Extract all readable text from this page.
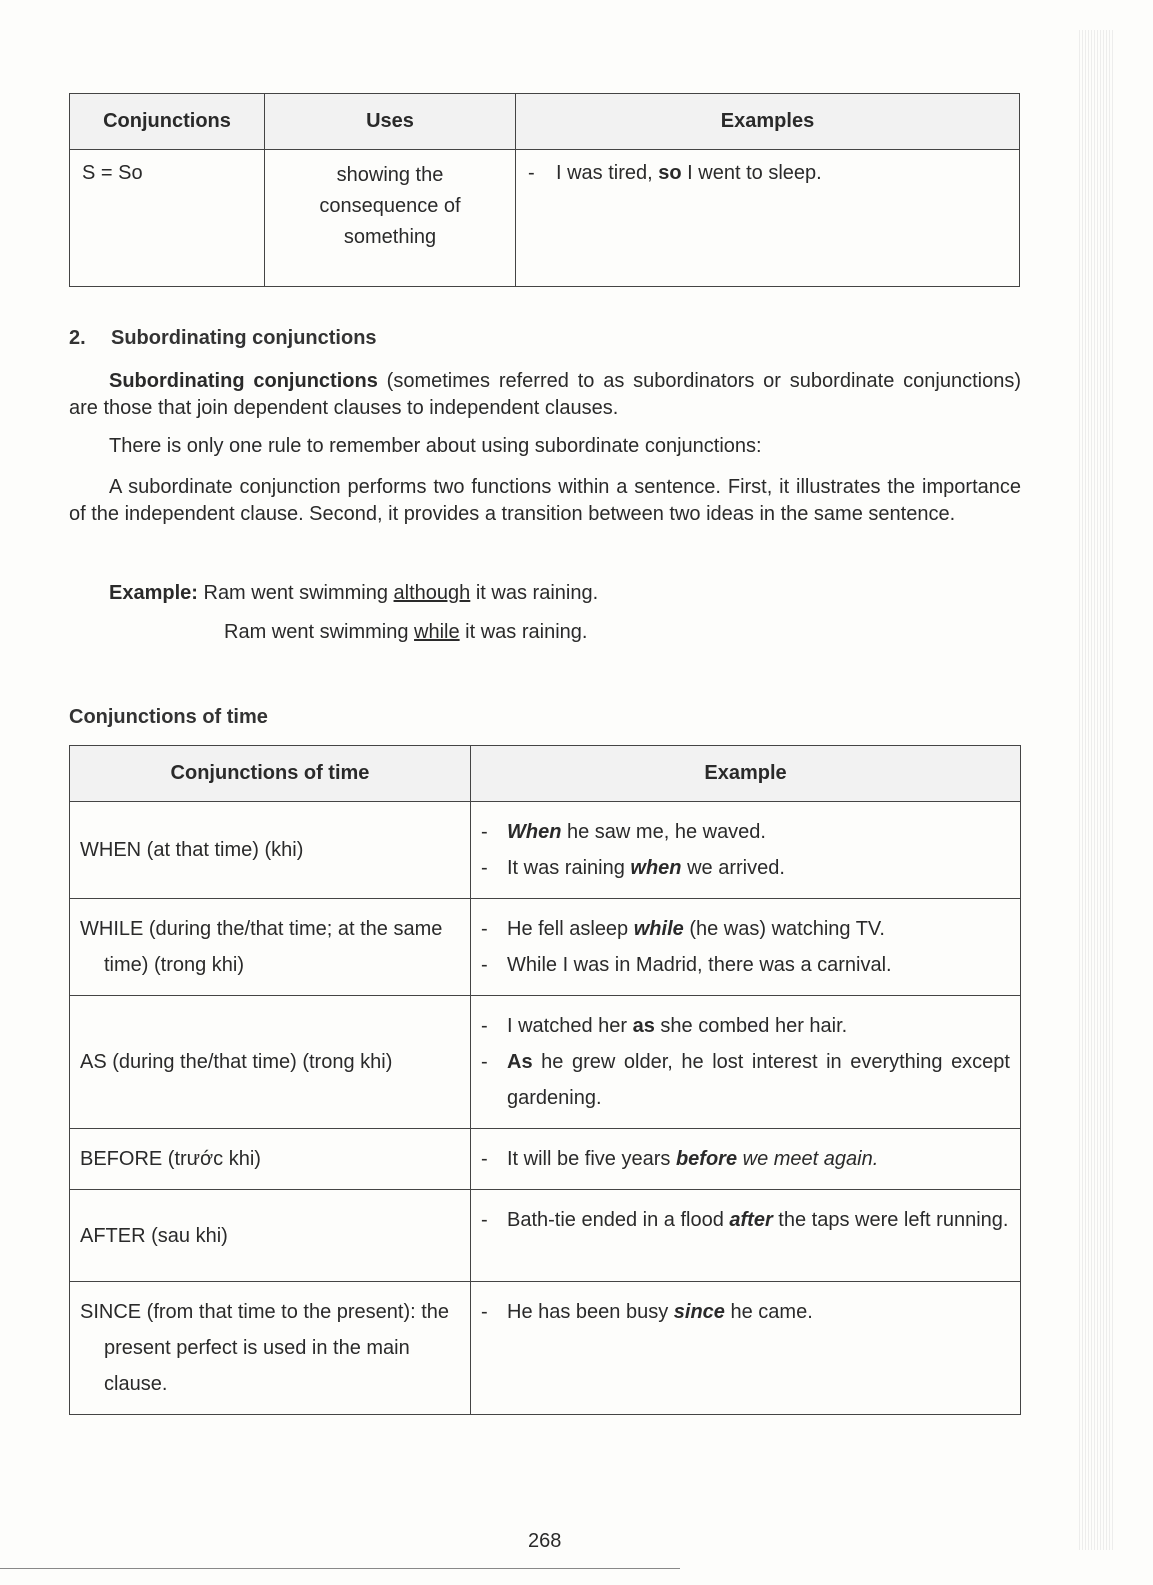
Conjunctions	Uses	Examples
S = So	showing the consequence of something	- I was tired, so I went to sleep.
2. Subordinating conjunctions
Subordinating conjunctions (sometimes referred to as subordinators or subordinate conjunctions) are those that join dependent clauses to independent clauses.
There is only one rule to remember about using subordinate conjunctions:
A subordinate conjunction performs two functions within a sentence. First, it illustrates the importance of the independent clause. Second, it provides a transition between two ideas in the same sentence.
Example: Ram went swimming although it was raining.
Ram went swimming while it was raining.
Conjunctions of time
Conjunctions of time	Example
WHEN (at that time) (khi)	- When he saw me, he waved.
- It was raining when we arrived.

WHILE (during the/that time; at the same time) (trong khi)	- He fell asleep while (he was) watching TV.
- While I was in Madrid, there was a carnival.

AS (during the/that time) (trong khi)	- I watched her as she combed her hair.
- As he grew older, he lost interest in everything except gardening.

BEFORE (trước khi)	- It will be five years before we meet again.

AFTER (sau khi)	- Bath-tie ended in a flood after the taps were left running.

SINCE (from that time to the present): the present perfect is used in the main clause.	- He has been busy since he came.
268
